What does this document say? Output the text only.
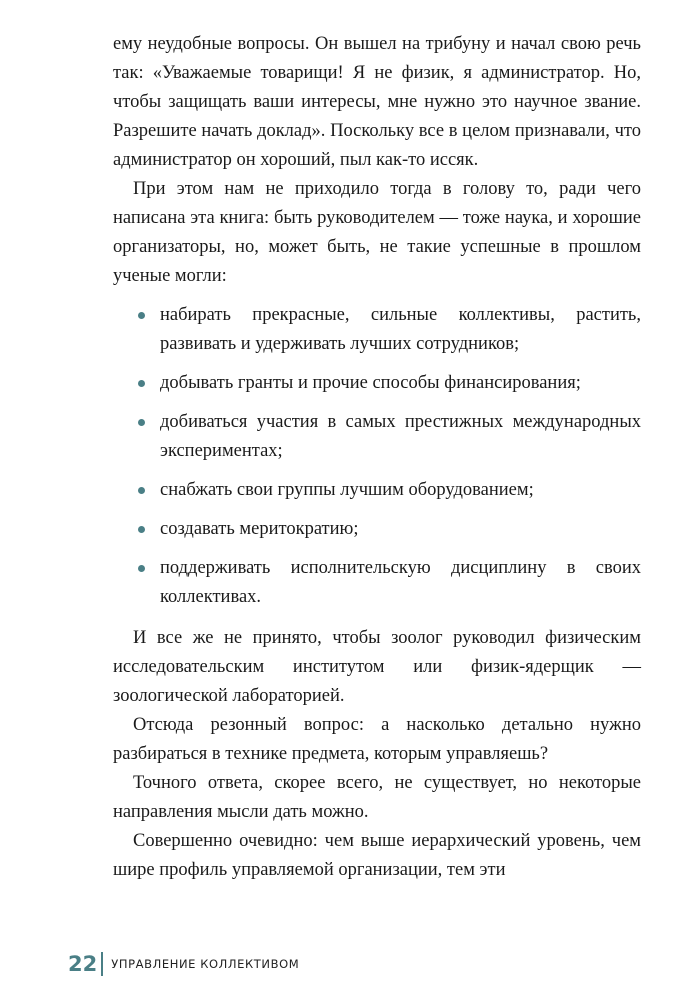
ему неудобные вопросы. Он вышел на трибуну и начал свою речь так: «Уважаемые товарищи! Я не физик, я администратор. Но, чтобы защищать ваши интересы, мне нужно это научное звание. Разрешите начать доклад». Поскольку все в целом признавали, что администратор он хороший, пыл как-то иссяк.

При этом нам не приходило тогда в голову то, ради чего написана эта книга: быть руководителем — тоже наука, и хорошие организаторы, но, может быть, не такие успешные в прошлом ученые могли:

набирать прекрасные, сильные коллективы, растить, развивать и удерживать лучших сотрудников;
добывать гранты и прочие способы финансирования;
добиваться участия в самых престижных международных экспериментах;
снабжать свои группы лучшим оборудованием;
создавать меритократию;
поддерживать исполнительскую дисциплину в своих коллективах.

И все же не принято, чтобы зоолог руководил физическим исследовательским институтом или физик-ядерщик — зоологической лабораторией.

Отсюда резонный вопрос: а насколько детально нужно разбираться в технике предмета, которым управляешь?

Точного ответа, скорее всего, не существует, но некоторые направления мысли дать можно.

Совершенно очевидно: чем выше иерархический уровень, чем шире профиль управляемой организации, тем эти

22 УПРАВЛЕНИЕ КОЛЛЕКТИВОМ
